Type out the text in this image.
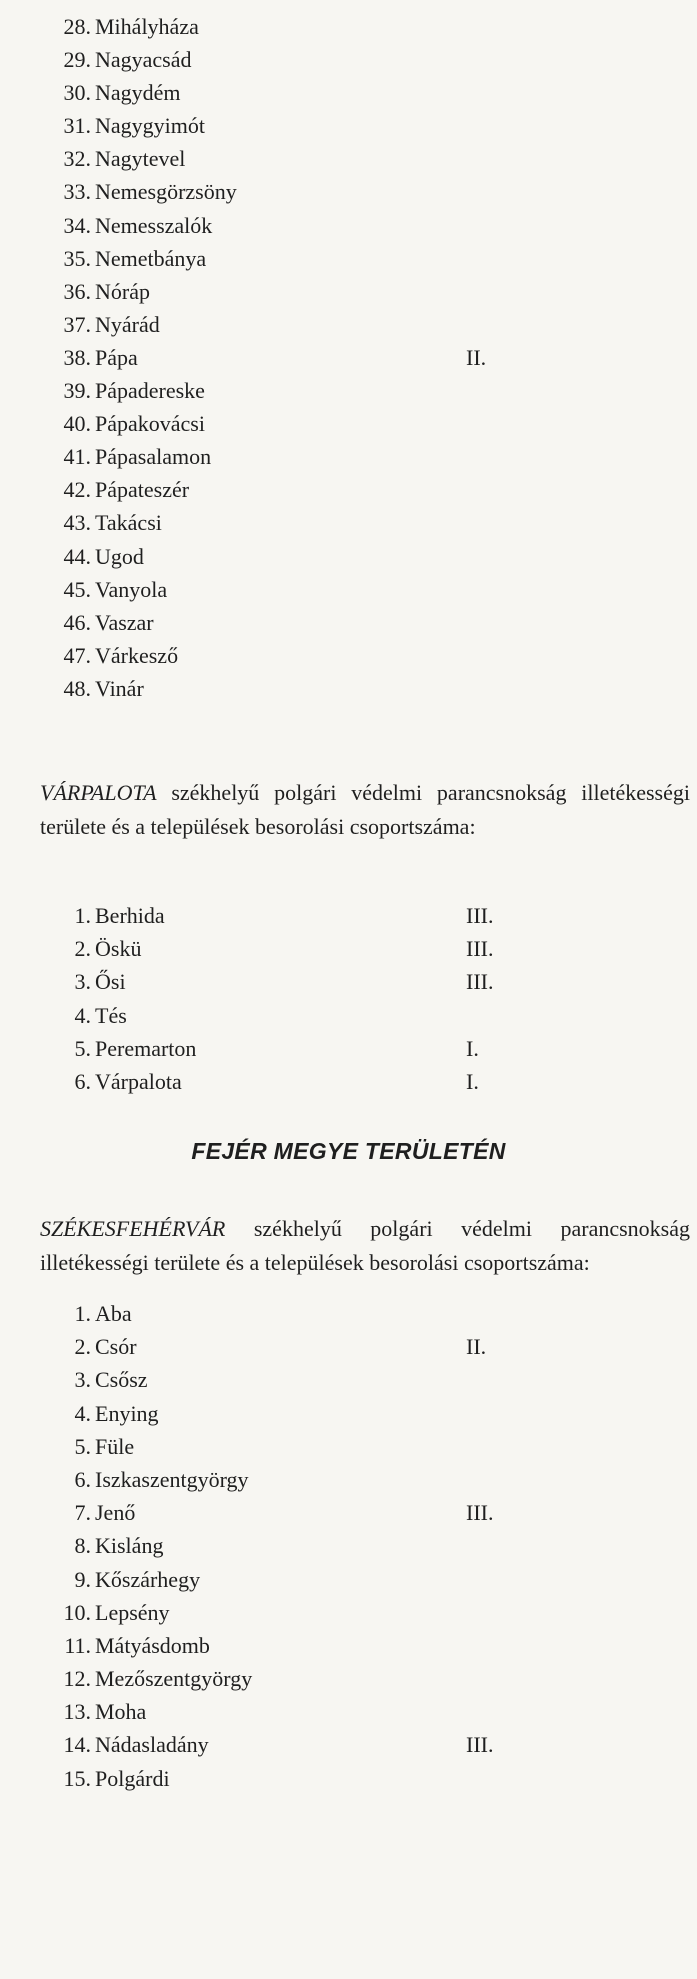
28. Mihályháza
29. Nagyacsád
30. Nagydém
31. Nagygyimót
32. Nagytevel
33. Nemesgörzsöny
34. Nemesszalók
35. Nemetbánya
36. Nóráp
37. Nyárád
38. Pápa	II.
39. Pápadereske
40. Pápakovácsi
41. Pápasalamon
42. Pápateszér
43. Takácsi
44. Ugod
45. Vanyola
46. Vaszar
47. Várkesző
48. Vinár

VÁRPALOTA székhelyű polgári védelmi parancsnokság illetékességi területe és a települések besorolási csoportszáma:

1. Berhida	III.
2. Öskü	III.
3. Ősi	III.
4. Tés
5. Peremarton	I.
6. Várpalota	I.
FEJÉR MEGYE TERÜLETÉN

SZÉKESFEHÉRVÁR székhelyű polgári védelmi parancsnokság illetékességi területe és a települések besorolási csoportszáma:

1. Aba
2. Csór	II.
3. Csősz
4. Enying
5. Füle
6. Iszkaszentgyörgy
7. Jenő	III.
8. Kisláng
9. Kőszárhegy
10. Lepsény
11. Mátyásdomb
12. Mezőszentgyörgy
13. Moha
14. Nádasladány	III.
15. Polgárdi
